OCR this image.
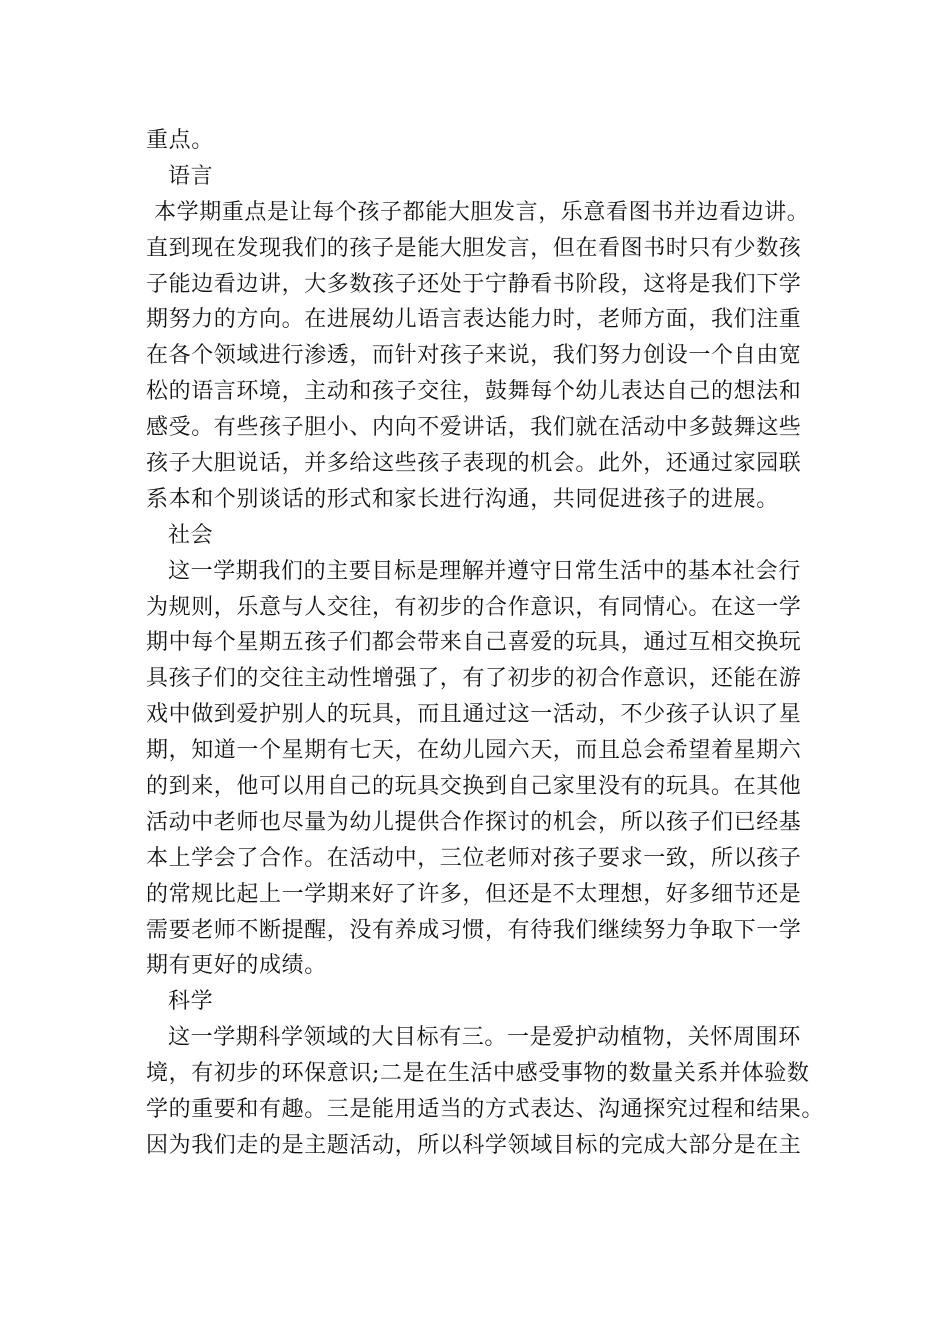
重点。
语言
本学期重点是让每个孩子都能大胆发言，乐意看图书并边看边讲。
直到现在发现我们的孩子是能大胆发言，但在看图书时只有少数孩
子能边看边讲，大多数孩子还处于宁静看书阶段，这将是我们下学
期努力的方向。在进展幼儿语言表达能力时，老师方面，我们注重
在各个领域进行渗透，而针对孩子来说，我们努力创设一个自由宽
松的语言环境，主动和孩子交往，鼓舞每个幼儿表达自己的想法和
感受。有些孩子胆小、内向不爱讲话，我们就在活动中多鼓舞这些
孩子大胆说话，并多给这些孩子表现的机会。此外，还通过家园联
系本和个别谈话的形式和家长进行沟通，共同促进孩子的进展。
社会
这一学期我们的主要目标是理解并遵守日常生活中的基本社会行
为规则，乐意与人交往，有初步的合作意识，有同情心。在这一学
期中每个星期五孩子们都会带来自己喜爱的玩具，通过互相交换玩
具孩子们的交往主动性增强了，有了初步的初合作意识，还能在游
戏中做到爱护别人的玩具，而且通过这一活动，不少孩子认识了星
期，知道一个星期有七天，在幼儿园六天，而且总会希望着星期六
的到来，他可以用自己的玩具交换到自己家里没有的玩具。在其他
活动中老师也尽量为幼儿提供合作探讨的机会，所以孩子们已经基
本上学会了合作。在活动中，三位老师对孩子要求一致，所以孩子
的常规比起上一学期来好了许多，但还是不太理想，好多细节还是
需要老师不断提醒，没有养成习惯，有待我们继续努力争取下一学
期有更好的成绩。
科学
这一学期科学领域的大目标有三。一是爱护动植物，关怀周围环
境，有初步的环保意识;二是在生活中感受事物的数量关系并体验数
学的重要和有趣。三是能用适当的方式表达、沟通探究过程和结果。
因为我们走的是主题活动，所以科学领域目标的完成大部分是在主
